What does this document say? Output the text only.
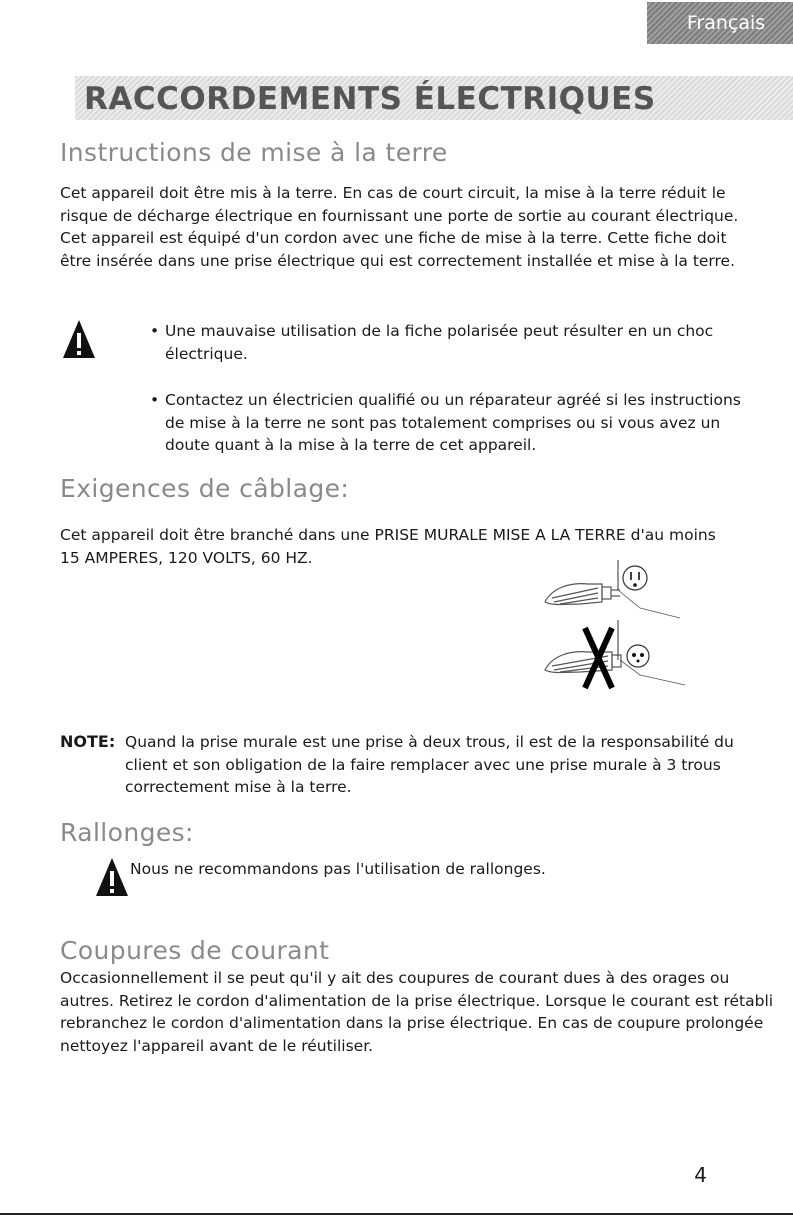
Français
RACCORDEMENTS ÉLECTRIQUES
Instructions de mise à la terre
Cet appareil doit être mis à la terre. En cas de court circuit, la mise à la terre réduit le risque de décharge électrique en fournissant une porte de sortie au courant électrique. Cet appareil est équipé d'un cordon avec une fiche de mise à la terre. Cette fiche doit être insérée dans une prise électrique qui est correctement installée et mise à la terre.
• Une mauvaise utilisation de la fiche polarisée peut résulter en un choc électrique.
• Contactez un électricien qualifié ou un réparateur agréé si les instructions de mise à la terre ne sont pas totalement comprises ou si vous avez un doute quant à la mise à la terre de cet appareil.
Exigences de câblage:
Cet appareil doit être branché dans une PRISE MURALE MISE A LA TERRE d'au moins 15 AMPERES, 120 VOLTS, 60 HZ.
NOTE: Quand la prise murale est une prise à deux trous, il est de la responsabilité du client et son obligation de la faire remplacer avec une prise murale à 3 trous correctement mise à la terre.
Rallonges:
Nous ne recommandons pas l'utilisation de rallonges.
Coupures de courant
Occasionnellement il se peut qu'il y ait des coupures de courant dues à des orages ou autres. Retirez le cordon d'alimentation de la prise électrique. Lorsque le courant est rétabli rebranchez le cordon d'alimentation dans la prise électrique. En cas de coupure prolongée nettoyez l'appareil avant de le réutiliser.
4
